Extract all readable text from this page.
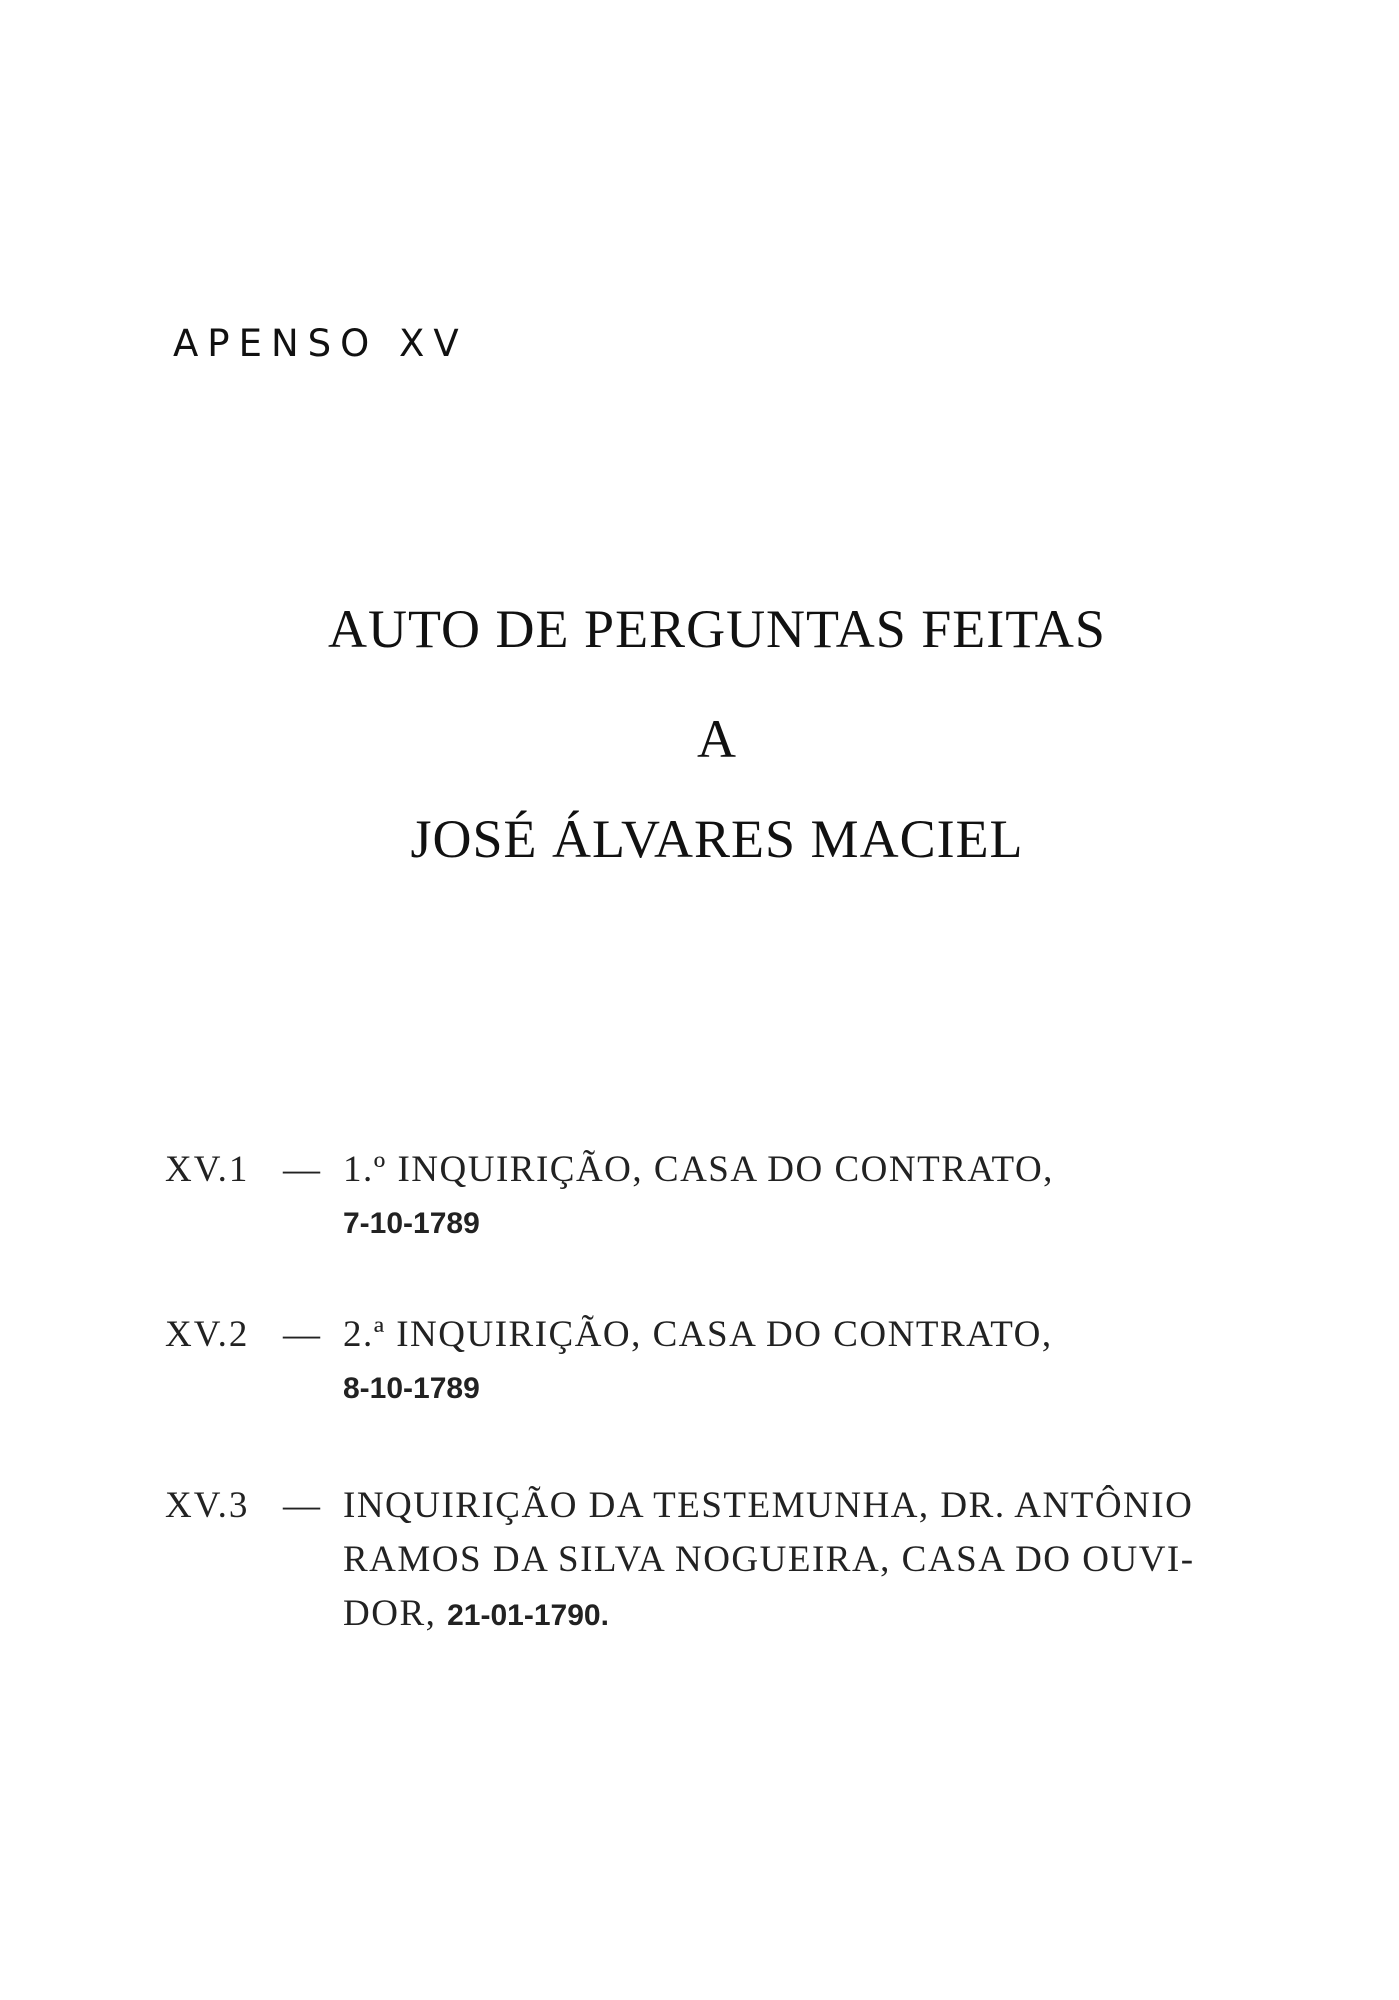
APENSO XV
AUTO DE PERGUNTAS FEITAS
A
JOSÉ ÁLVARES MACIEL
XV.1 — 1.º INQUIRIÇÃO, CASA DO CONTRATO,
7-10-1789
XV.2 — 2.ª INQUIRIÇÃO, CASA DO CONTRATO,
8-10-1789
XV.3 — INQUIRIÇÃO DA TESTEMUNHA, DR. ANTÔNIO
RAMOS DA SILVA NOGUEIRA, CASA DO OUVI-
DOR, 21-01-1790.
